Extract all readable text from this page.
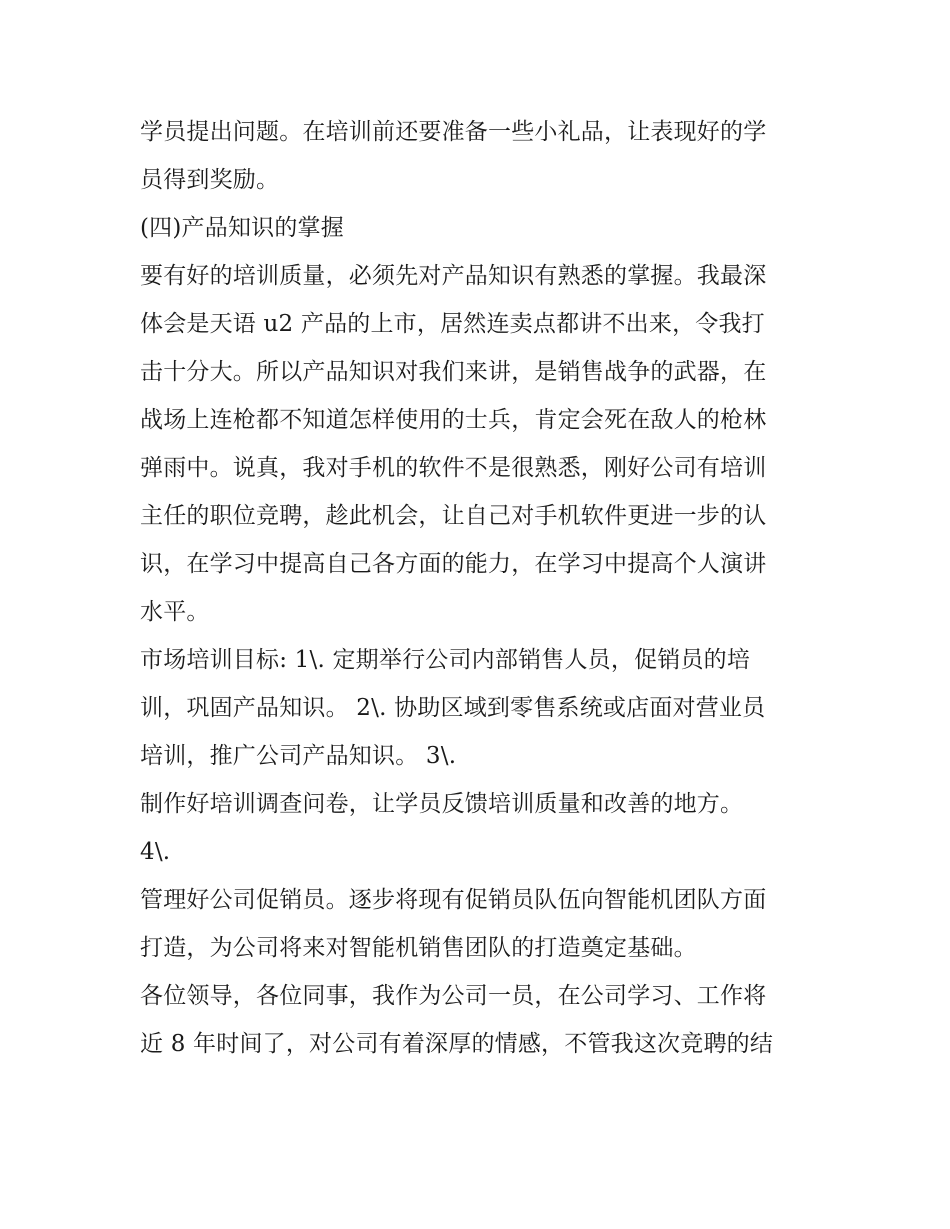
学员提出问题。在培训前还要准备一些小礼品，让表现好的学
员得到奖励。
(四)产品知识的掌握
要有好的培训质量，必须先对产品知识有熟悉的掌握。我最深
体会是天语 u2 产品的上市，居然连卖点都讲不出来，令我打
击十分大。所以产品知识对我们来讲，是销售战争的武器，在
战场上连枪都不知道怎样使用的士兵，肯定会死在敌人的枪林
弹雨中。说真，我对手机的软件不是很熟悉，刚好公司有培训
主任的职位竞聘，趁此机会，让自己对手机软件更进一步的认
识，在学习中提高自己各方面的能力，在学习中提高个人演讲
水平。
市场培训目标: 1\. 定期举行公司内部销售人员，促销员的培
训，巩固产品知识。 2\. 协助区域到零售系统或店面对营业员
培训，推广公司产品知识。 3\.
制作好培训调查问卷，让学员反馈培训质量和改善的地方。
4\.
管理好公司促销员。逐步将现有促销员队伍向智能机团队方面
打造，为公司将来对智能机销售团队的打造奠定基础。
各位领导，各位同事，我作为公司一员，在公司学习、工作将
近 8 年时间了，对公司有着深厚的情感，不管我这次竞聘的结
